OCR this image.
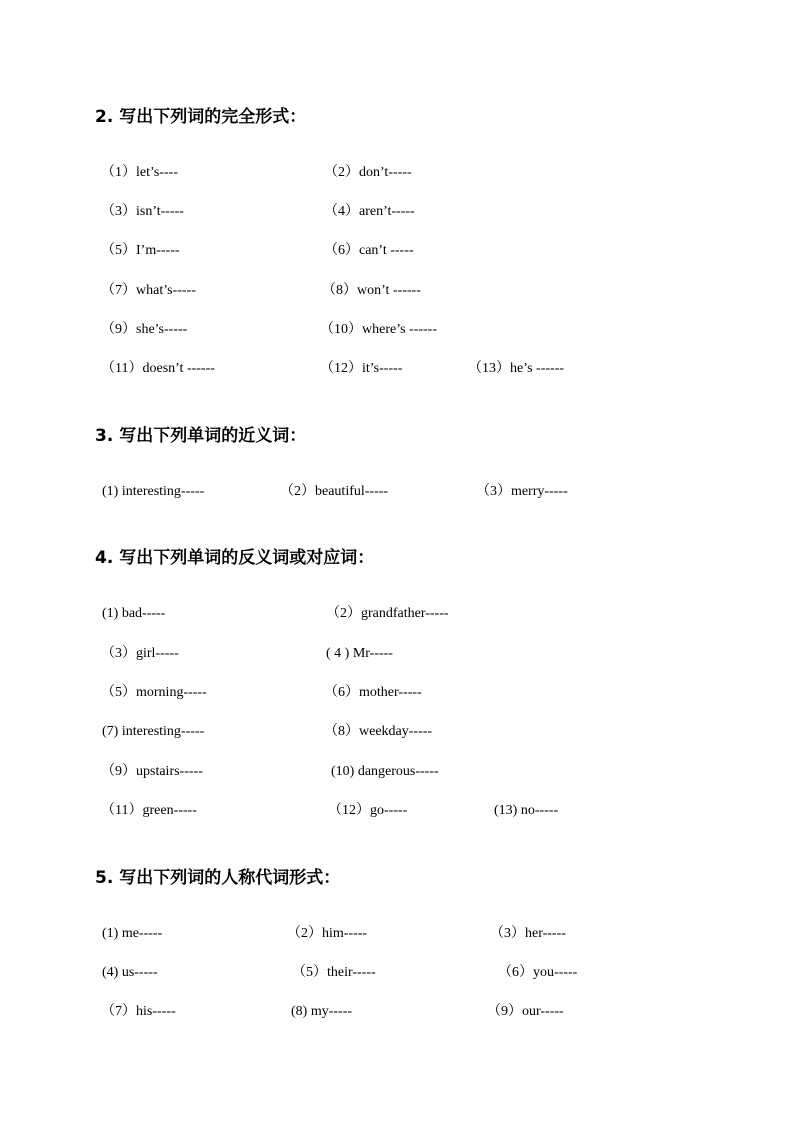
2. 写出下列词的完全形式：
（1）let’s----	（2）don’t-----
（3）isn’t-----	（4）aren’t-----
（5）I’m-----	（6）can’t -----
（7）what’s-----	（8）won’t ------
（9）she’s-----	（10）where’s ------
（11）doesn’t ------	（12）it’s-----	（13）he’s ------
3. 写出下列单词的近义词：
(1) interesting-----	（2）beautiful-----	（3）merry-----
4. 写出下列单词的反义词或对应词：
(1) bad-----	（2）grandfather-----
（3）girl-----	( 4 ) Mr-----
（5）morning-----	（6）mother-----
(7) interesting-----	（8）weekday-----
（9）upstairs-----	(10) dangerous-----
（11）green-----	（12）go-----	(13) no-----
5. 写出下列词的人称代词形式：
(1) me-----	（2）him-----	（3）her-----
(4) us-----	（5）their-----	（6）you-----
（7）his-----	(8) my-----	（9）our-----
